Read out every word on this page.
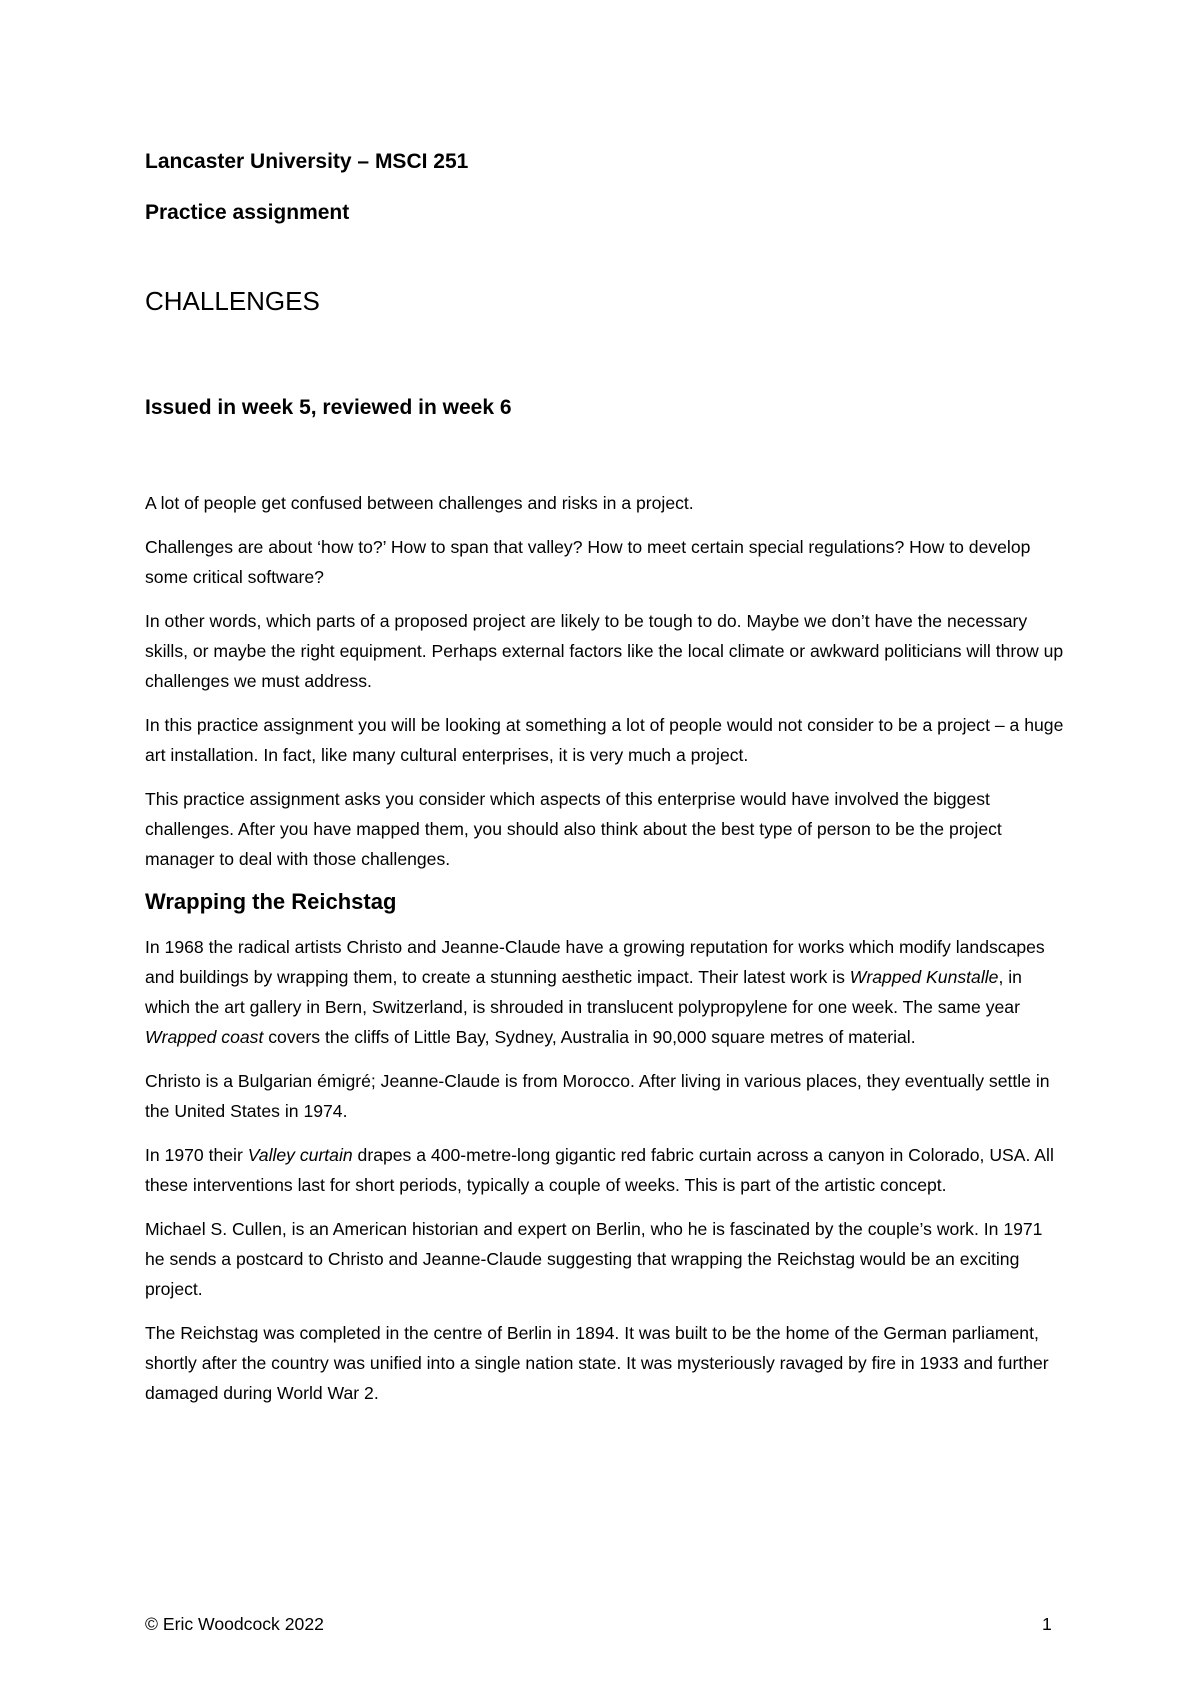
Lancaster University – MSCI 251
Practice assignment
CHALLENGES
Issued in week 5, reviewed in week 6

A lot of people get confused between challenges and risks in a project.

Challenges are about ‘how to?’ How to span that valley? How to meet certain special regulations? How to develop some critical software?

In other words, which parts of a proposed project are likely to be tough to do. Maybe we don’t have the necessary skills, or maybe the right equipment. Perhaps external factors like the local climate or awkward politicians will throw up challenges we must address.

In this practice assignment you will be looking at something a lot of people would not consider to be a project – a huge art installation. In fact, like many cultural enterprises, it is very much a project.

This practice assignment asks you consider which aspects of this enterprise would have involved the biggest challenges. After you have mapped them, you should also think about the best type of person to be the project manager to deal with those challenges.

Wrapping the Reichstag

In 1968 the radical artists Christo and Jeanne-Claude have a growing reputation for works which modify landscapes and buildings by wrapping them, to create a stunning aesthetic impact. Their latest work is Wrapped Kunstalle, in which the art gallery in Bern, Switzerland, is shrouded in translucent polypropylene for one week. The same year Wrapped coast covers the cliffs of Little Bay, Sydney, Australia in 90,000 square metres of material.

Christo is a Bulgarian émigré; Jeanne-Claude is from Morocco. After living in various places, they eventually settle in the United States in 1974.

In 1970 their Valley curtain drapes a 400-metre-long gigantic red fabric curtain across a canyon in Colorado, USA. All these interventions last for short periods, typically a couple of weeks. This is part of the artistic concept.

Michael S. Cullen, is an American historian and expert on Berlin, who he is fascinated by the couple’s work. In 1971 he sends a postcard to Christo and Jeanne-Claude suggesting that wrapping the Reichstag would be an exciting project.

The Reichstag was completed in the centre of Berlin in 1894. It was built to be the home of the German parliament, shortly after the country was unified into a single nation state. It was mysteriously ravaged by fire in 1933 and further damaged during World War 2.

© Eric Woodcock 2022	1
